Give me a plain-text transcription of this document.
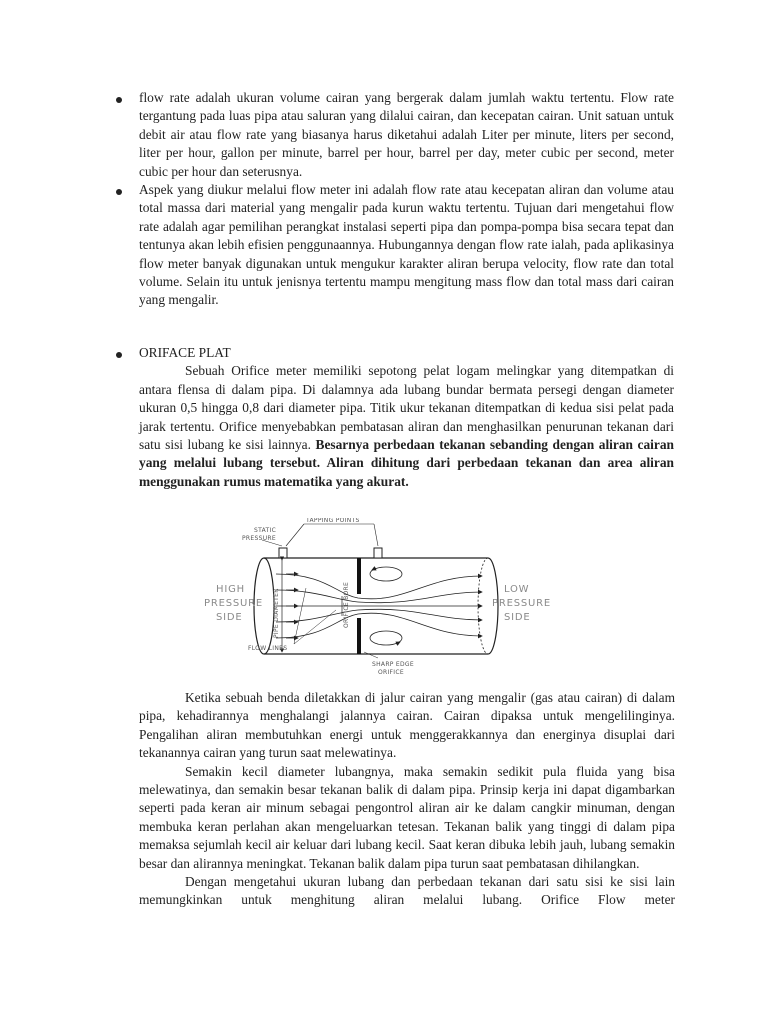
flow rate adalah ukuran volume cairan yang bergerak dalam jumlah waktu tertentu. Flow rate tergantung pada luas pipa atau saluran yang dilalui cairan, dan kecepatan cairan. Unit satuan untuk debit air atau flow rate yang biasanya harus diketahui adalah Liter per minute, liters per second, liter per hour, gallon per minute, barrel per hour, barrel per day, meter cubic per second, meter cubic per hour dan seterusnya.

Aspek yang diukur melalui flow meter ini adalah flow rate atau kecepatan aliran dan volume atau total massa dari material yang mengalir pada kurun waktu tertentu. Tujuan dari mengetahui flow rate adalah agar pemilihan perangkat instalasi seperti pipa dan pompa-pompa bisa secara tepat dan tentunya akan lebih efisien penggunaannya. Hubungannya dengan flow rate ialah, pada aplikasinya flow meter banyak digunakan untuk mengukur karakter aliran berupa velocity, flow rate dan total volume. Selain itu untuk jenisnya tertentu mampu mengitung mass flow dan total mass dari cairan yang mengalir.

ORIFACE PLAT

Sebuah Orifice meter memiliki sepotong pelat logam melingkar yang ditempatkan di antara flensa di dalam pipa. Di dalamnya ada lubang bundar bermata persegi dengan diameter ukuran 0,5 hingga 0,8 dari diameter pipa. Titik ukur tekanan ditempatkan di kedua sisi pelat pada jarak tertentu. Orifice menyebabkan pembatasan aliran dan menghasilkan penurunan tekanan dari satu sisi lubang ke sisi lainnya. Besarnya perbedaan tekanan sebanding dengan aliran cairan yang melalui lubang tersebut. Aliran dihitung dari perbedaan tekanan dan area aliran menggunakan rumus matematika yang akurat.

TAPPING POINTS
STATIC
PRESSURE
HIGH
PRESSURE
SIDE
LOW
PRESSURE
SIDE
PIPE DIAMETER	ORIFICE BORE
FLOW LINES
SHARP EDGE
ORIFICE

Ketika sebuah benda diletakkan di jalur cairan yang mengalir (gas atau cairan) di dalam pipa, kehadirannya menghalangi jalannya cairan. Cairan dipaksa untuk mengelilinginya. Pengalihan aliran membutuhkan energi untuk menggerakkannya dan energinya disuplai dari tekanannya cairan yang turun saat melewatinya.

Semakin kecil diameter lubangnya, maka semakin sedikit pula fluida yang bisa melewatinya, dan semakin besar tekanan balik di dalam pipa. Prinsip kerja ini dapat digambarkan seperti pada keran air minum sebagai pengontrol aliran air ke dalam cangkir minuman, dengan membuka keran perlahan akan mengeluarkan tetesan. Tekanan balik yang tinggi di dalam pipa memaksa sejumlah kecil air keluar dari lubang kecil. Saat keran dibuka lebih jauh, lubang semakin besar dan alirannya meningkat. Tekanan balik dalam pipa turun saat pembatasan dihilangkan.

Dengan mengetahui ukuran lubang dan perbedaan tekanan dari satu sisi ke sisi lain memungkinkan untuk menghitung aliran melalui lubang. Orifice Flow meter
